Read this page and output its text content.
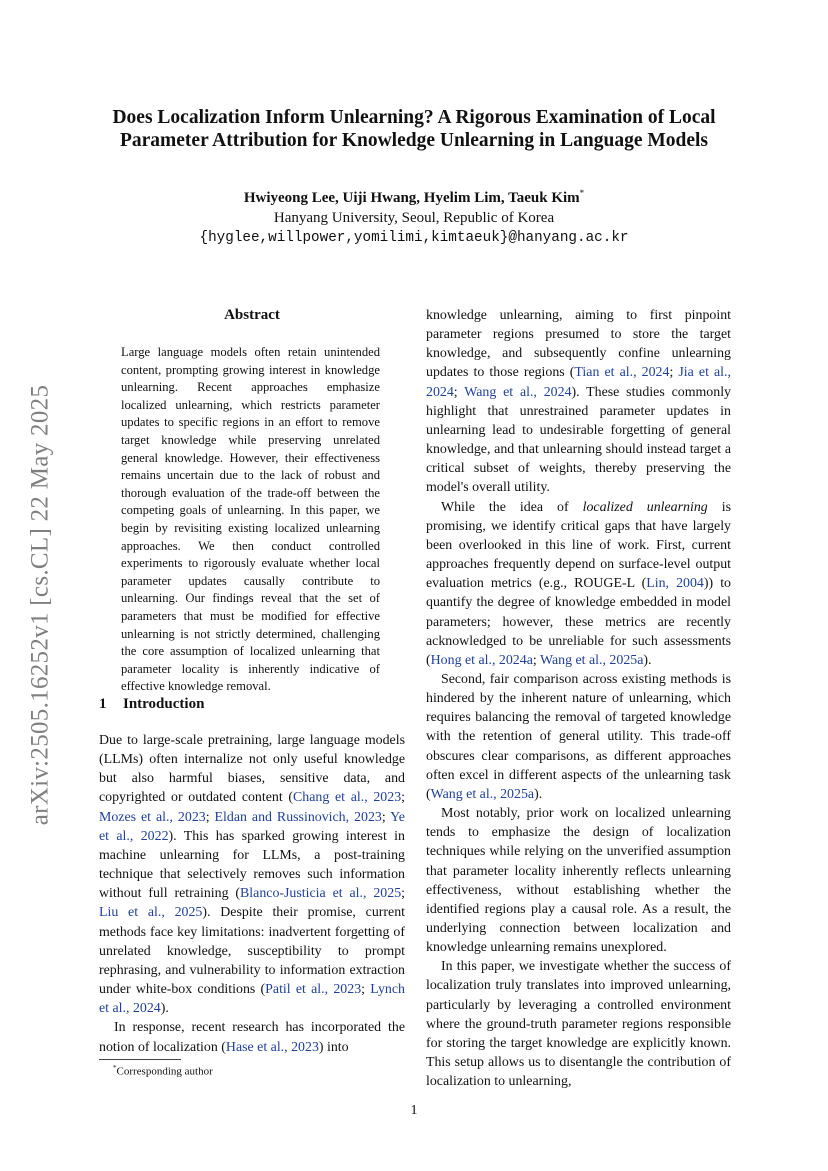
arXiv:2505.16252v1 [cs.CL] 22 May 2025
Does Localization Inform Unlearning? A Rigorous Examination of Local
Parameter Attribution for Knowledge Unlearning in Language Models
Hwiyeong Lee, Uiji Hwang, Hyelim Lim, Taeuk Kim*
Hanyang University, Seoul, Republic of Korea
{hyglee,willpower,yomilimi,kimtaeuk}@hanyang.ac.kr
Abstract
Large language models often retain unintended content, prompting growing interest in knowledge unlearning. Recent approaches emphasize localized unlearning, which restricts parameter updates to specific regions in an effort to remove target knowledge while preserving unrelated general knowledge. However, their effectiveness remains uncertain due to the lack of robust and thorough evaluation of the trade-off between the competing goals of unlearning. In this paper, we begin by revisiting existing localized unlearning approaches. We then conduct controlled experiments to rigorously evaluate whether local parameter updates causally contribute to unlearning. Our findings reveal that the set of parameters that must be modified for effective unlearning is not strictly determined, challenging the core assumption of localized unlearning that parameter locality is inherently indicative of effective knowledge removal.
1 Introduction

Due to large-scale pretraining, large language models (LLMs) often internalize not only useful knowledge but also harmful biases, sensitive data, and copyrighted or outdated content (Chang et al., 2023; Mozes et al., 2023; Eldan and Russinovich, 2023; Ye et al., 2022). This has sparked growing interest in machine unlearning for LLMs, a post-training technique that selectively removes such information without full retraining (Blanco-Justicia et al., 2025; Liu et al., 2025). Despite their promise, current methods face key limitations: inadvertent forgetting of unrelated knowledge, susceptibility to prompt rephrasing, and vulnerability to information extraction under white-box conditions (Patil et al., 2023; Lynch et al., 2024).

In response, recent research has incorporated the notion of localization (Hase et al., 2023) into

knowledge unlearning, aiming to first pinpoint parameter regions presumed to store the target knowledge, and subsequently confine unlearning updates to those regions (Tian et al., 2024; Jia et al., 2024; Wang et al., 2024). These studies commonly highlight that unrestrained parameter updates in unlearning lead to undesirable forgetting of general knowledge, and that unlearning should instead target a critical subset of weights, thereby preserving the model's overall utility.

While the idea of localized unlearning is promising, we identify critical gaps that have largely been overlooked in this line of work. First, current approaches frequently depend on surface-level output evaluation metrics (e.g., ROUGE-L (Lin, 2004)) to quantify the degree of knowledge embedded in model parameters; however, these metrics are recently acknowledged to be unreliable for such assessments (Hong et al., 2024a; Wang et al., 2025a).

Second, fair comparison across existing methods is hindered by the inherent nature of unlearning, which requires balancing the removal of targeted knowledge with the retention of general utility. This trade-off obscures clear comparisons, as different approaches often excel in different aspects of the unlearning task (Wang et al., 2025a).

Most notably, prior work on localized unlearning tends to emphasize the design of localization techniques while relying on the unverified assumption that parameter locality inherently reflects unlearning effectiveness, without establishing whether the identified regions play a causal role. As a result, the underlying connection between localization and knowledge unlearning remains unexplored.

In this paper, we investigate whether the success of localization truly translates into improved unlearning, particularly by leveraging a controlled environment where the ground-truth parameter regions responsible for storing the target knowledge are explicitly known. This setup allows us to disentangle the contribution of localization to unlearning,

*Corresponding author
1
